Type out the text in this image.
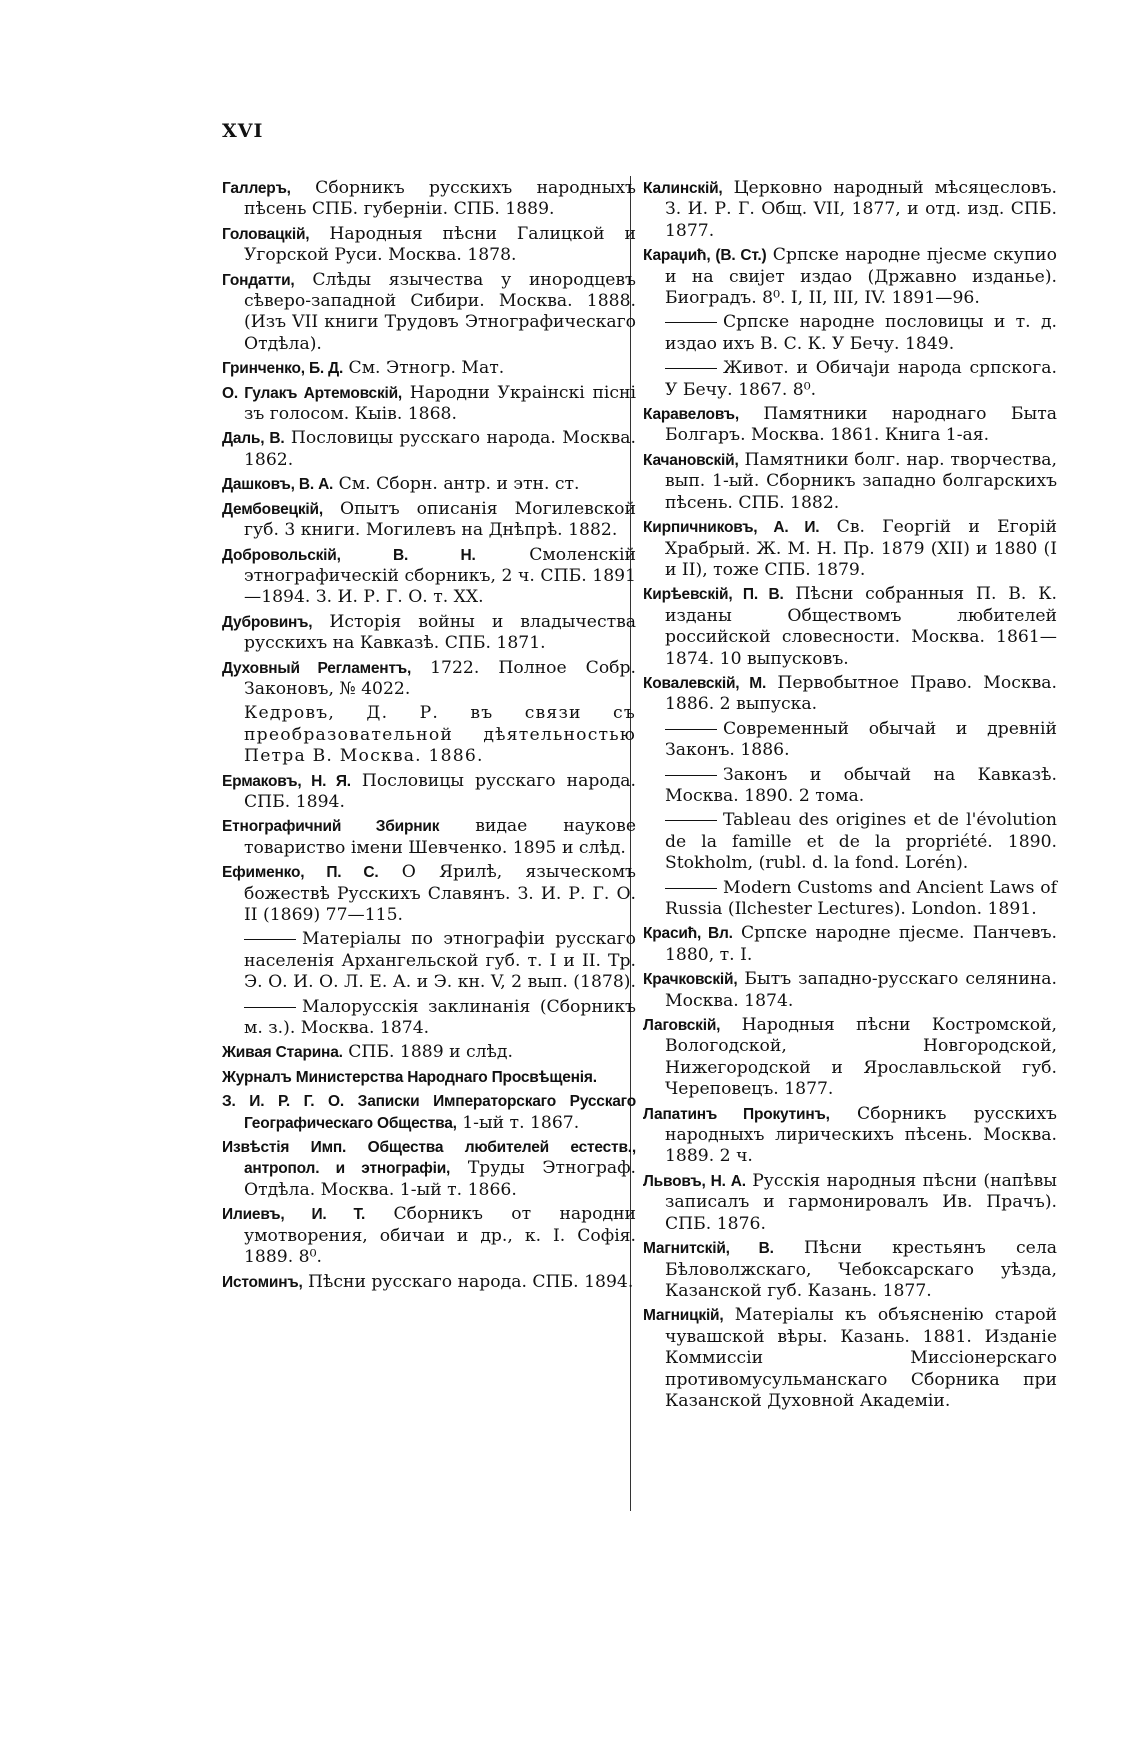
XVI
Галлеръ, Сборникъ русскихъ народныхъ пѣсень СПБ. губерніи. СПБ. 1889.
Головацкій, Народныя пѣсни Галицкой и Угорской Руси. Москва. 1878.
Гондатти, Слѣды язычества у инородцевъ сѣверо-западной Сибири. Москва. 1888. (Изъ VII книги Трудовъ Этнографическаго Отдѣла).
Гринченко, Б. Д. См. Этногр. Мат.
О. Гулакъ Артемовскій, Народни Украінскі пісні зъ голосом. Кыів. 1868.
Даль, В. Пословицы русскаго народа. Москва. 1862.
Дашковъ, В. А. См. Сборн. антр. и этн. ст.
Дембовецкій, Опытъ описанія Могилевской губ. 3 книги. Могилевъ на Днѣпрѣ. 1882.
Добровольскій, В. Н. Смоленскій этнографическій сборникъ, 2 ч. СПБ. 1891—1894. З. И. Р. Г. О. т. XX.
Дубровинъ, Исторія войны и владычества русскихъ на Кавказѣ. СПБ. 1871.
Духовный Регламентъ, 1722. Полное Собр. Законовъ, № 4022.
Кедровъ, Д. Р. въ связи съ преобразовательной дѣятельностью Петра В. Москва. 1886.
Ермаковъ, Н. Я. Пословицы русскаго народа. СПБ. 1894.
Етнографичний Збирник видае наукове товариство імени Шевченко. 1895 и слѣд.
Ефименко, П. С. О Ярилѣ, языческомъ божествѣ Русскихъ Славянъ. З. И. Р. Г. О. II (1869) 77—115.
Матеріалы по этнографіи русскаго населенія Архангельской губ. т. I и II. Тр. Э. О. И. О. Л. Е. А. и Э. кн. V, 2 вып. (1878).
Малорусскія заклинанія (Сборникъ м. з.). Москва. 1874.
Живая Старина. СПБ. 1889 и слѣд.
Журналъ Министерства Народнаго Просвѣщенія.
З. И. Р. Г. О. Записки Императорскаго Русскаго Географическаго Общества, 1-ый т. 1867.
Извѣстія Имп. Общества любителей естеств., антропол. и этнографіи, Труды Этнограф. Отдѣла. Москва. 1-ый т. 1866.
Илиевъ, И. Т. Сборникъ от народни умотворения, обичаи и др., к. I. Софія. 1889. 8⁰.
Истоминъ, Пѣсни русскаго народа. СПБ. 1894.
Калинскій, Церковно народный мѣсяцесловъ. З. И. Р. Г. Общ. VII, 1877, и отд. изд. СПБ. 1877.
Караџић, (В. Ст.) Српске народне пјесме скупио и на свијет издао (Државно изданье). Биоградъ. 8⁰. I, II, III, IV. 1891—96.
Српске народне пословицы и т. д. издао ихъ В. С. К. У Бечу. 1849.
Живот. и Обичаји народа српскога. У Бечу. 1867. 8⁰.
Каравеловъ, Памятники народнаго Быта Болгаръ. Москва. 1861. Книга 1-ая.
Качановскій, Памятники болг. нар. творчества, вып. 1-ый. Сборникъ западно болгарскихъ пѣсень. СПБ. 1882.
Кирпичниковъ, А. И. Св. Георгій и Егорій Храбрый. Ж. М. Н. Пр. 1879 (XII) и 1880 (I и II), тоже СПБ. 1879.
Кирѣевскій, П. В. Пѣсни собранныя П. В. К. изданы Обществомъ любителей российской словесности. Москва. 1861—1874. 10 выпусковъ.
Ковалевскій, М. Первобытное Право. Москва. 1886. 2 выпуска.
Современный обычай и древній Законъ. 1886.
Законъ и обычай на Кавказѣ. Москва. 1890. 2 тома.
Tableau des origines et de l'évolution de la famille et de la propriété. 1890. Stokholm, (rubl. d. la fond. Lorén).
Modern Customs and Ancient Laws of Russia (Ilchester Lectures). London. 1891.
Красић, Вл. Српске народне пјесме. Панчевъ. 1880, т. I.
Крачковскій, Бытъ западно-русскаго селянина. Москва. 1874.
Лаговскій, Народныя пѣсни Костромской, Вологодской, Новгородской, Нижегородской и Ярославльской губ. Череповецъ. 1877.
Лапатинъ Прокутинъ, Сборникъ русскихъ народныхъ лирическихъ пѣсень. Москва. 1889. 2 ч.
Львовъ, Н. А. Русскія народныя пѣсни (напѣвы записалъ и гармонировалъ Ив. Прачъ). СПБ. 1876.
Магнитскій, В. Пѣсни крестьянъ села Бѣловолжскаго, Чебоксарскаго уѣзда, Казанской губ. Казань. 1877.
Магницкій, Матеріалы къ объясненію старой чувашской вѣры. Казань. 1881. Изданіе Коммиссіи Миссіонерскаго противомусульманскаго Сборника при Казанской Духовной Академіи.
